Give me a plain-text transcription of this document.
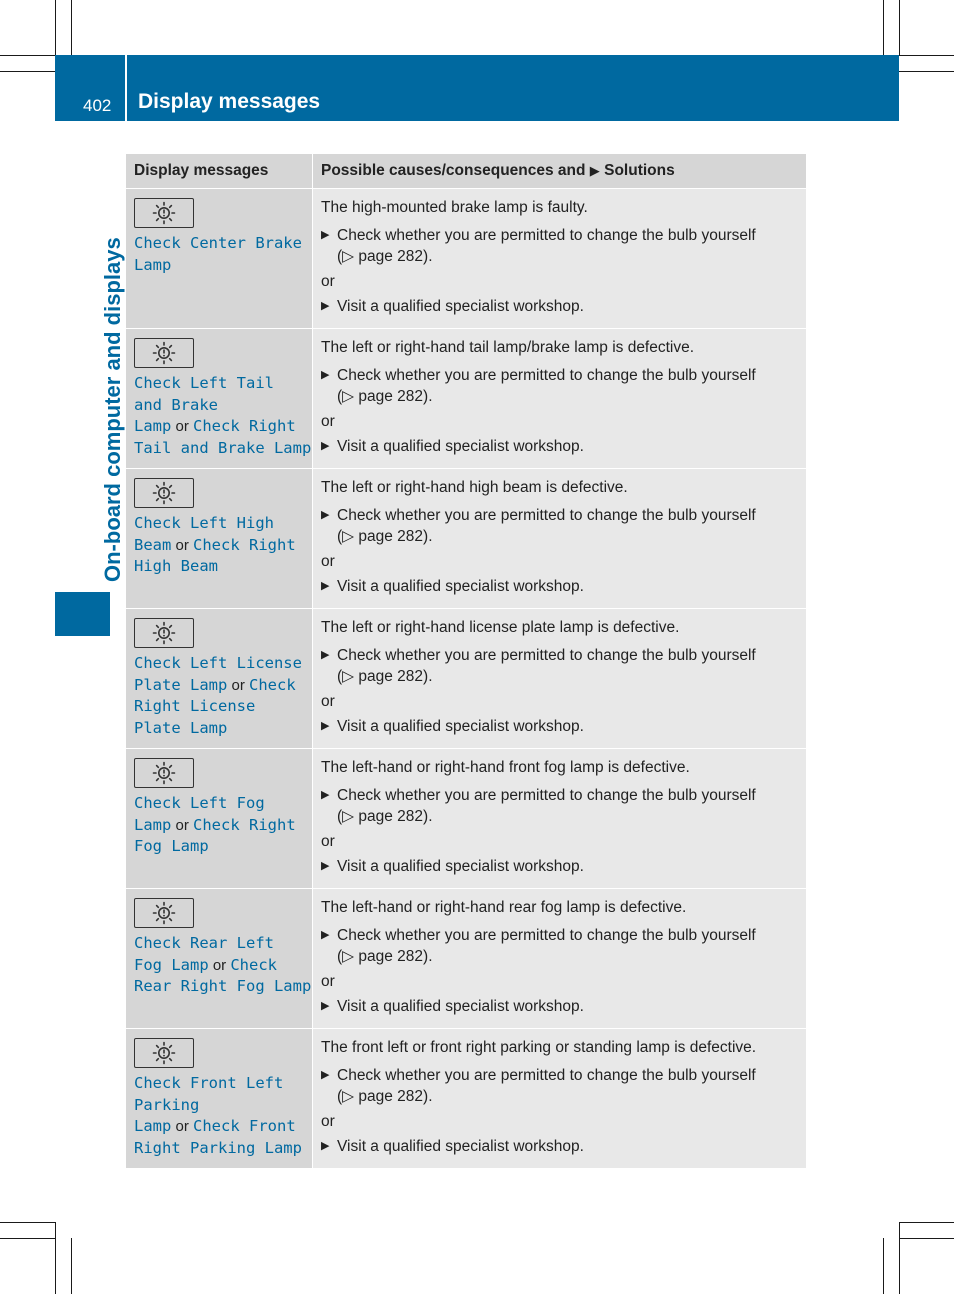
402 Display messages
On-board computer and displays
Display messages	Possible causes/consequences and ▶ Solutions
Check Center Brake
Lamp
The high-mounted brake lamp is faulty.
▶ Check whether you are permitted to change the bulb yourself
(▷ page 282).
or
▶ Visit a qualified specialist workshop.
Check Left Tail
and Brake
Lamp or Check Right
Tail and Brake Lamp
The left or right-hand tail lamp/brake lamp is defective.
▶ Check whether you are permitted to change the bulb yourself
(▷ page 282).
or
▶ Visit a qualified specialist workshop.
Check Left High
Beam or Check Right
High Beam
The left or right-hand high beam is defective.
▶ Check whether you are permitted to change the bulb yourself
(▷ page 282).
or
▶ Visit a qualified specialist workshop.
Check Left License
Plate Lamp or Check
Right License
Plate Lamp
The left or right-hand license plate lamp is defective.
▶ Check whether you are permitted to change the bulb yourself
(▷ page 282).
or
▶ Visit a qualified specialist workshop.
Check Left Fog
Lamp or Check Right
Fog Lamp
The left-hand or right-hand front fog lamp is defective.
▶ Check whether you are permitted to change the bulb yourself
(▷ page 282).
or
▶ Visit a qualified specialist workshop.
Check Rear Left
Fog Lamp or Check
Rear Right Fog Lamp
The left-hand or right-hand rear fog lamp is defective.
▶ Check whether you are permitted to change the bulb yourself
(▷ page 282).
or
▶ Visit a qualified specialist workshop.
Check Front Left
Parking
Lamp or Check Front
Right Parking Lamp
The front left or front right parking or standing lamp is defective.
▶ Check whether you are permitted to change the bulb yourself
(▷ page 282).
or
▶ Visit a qualified specialist workshop.
